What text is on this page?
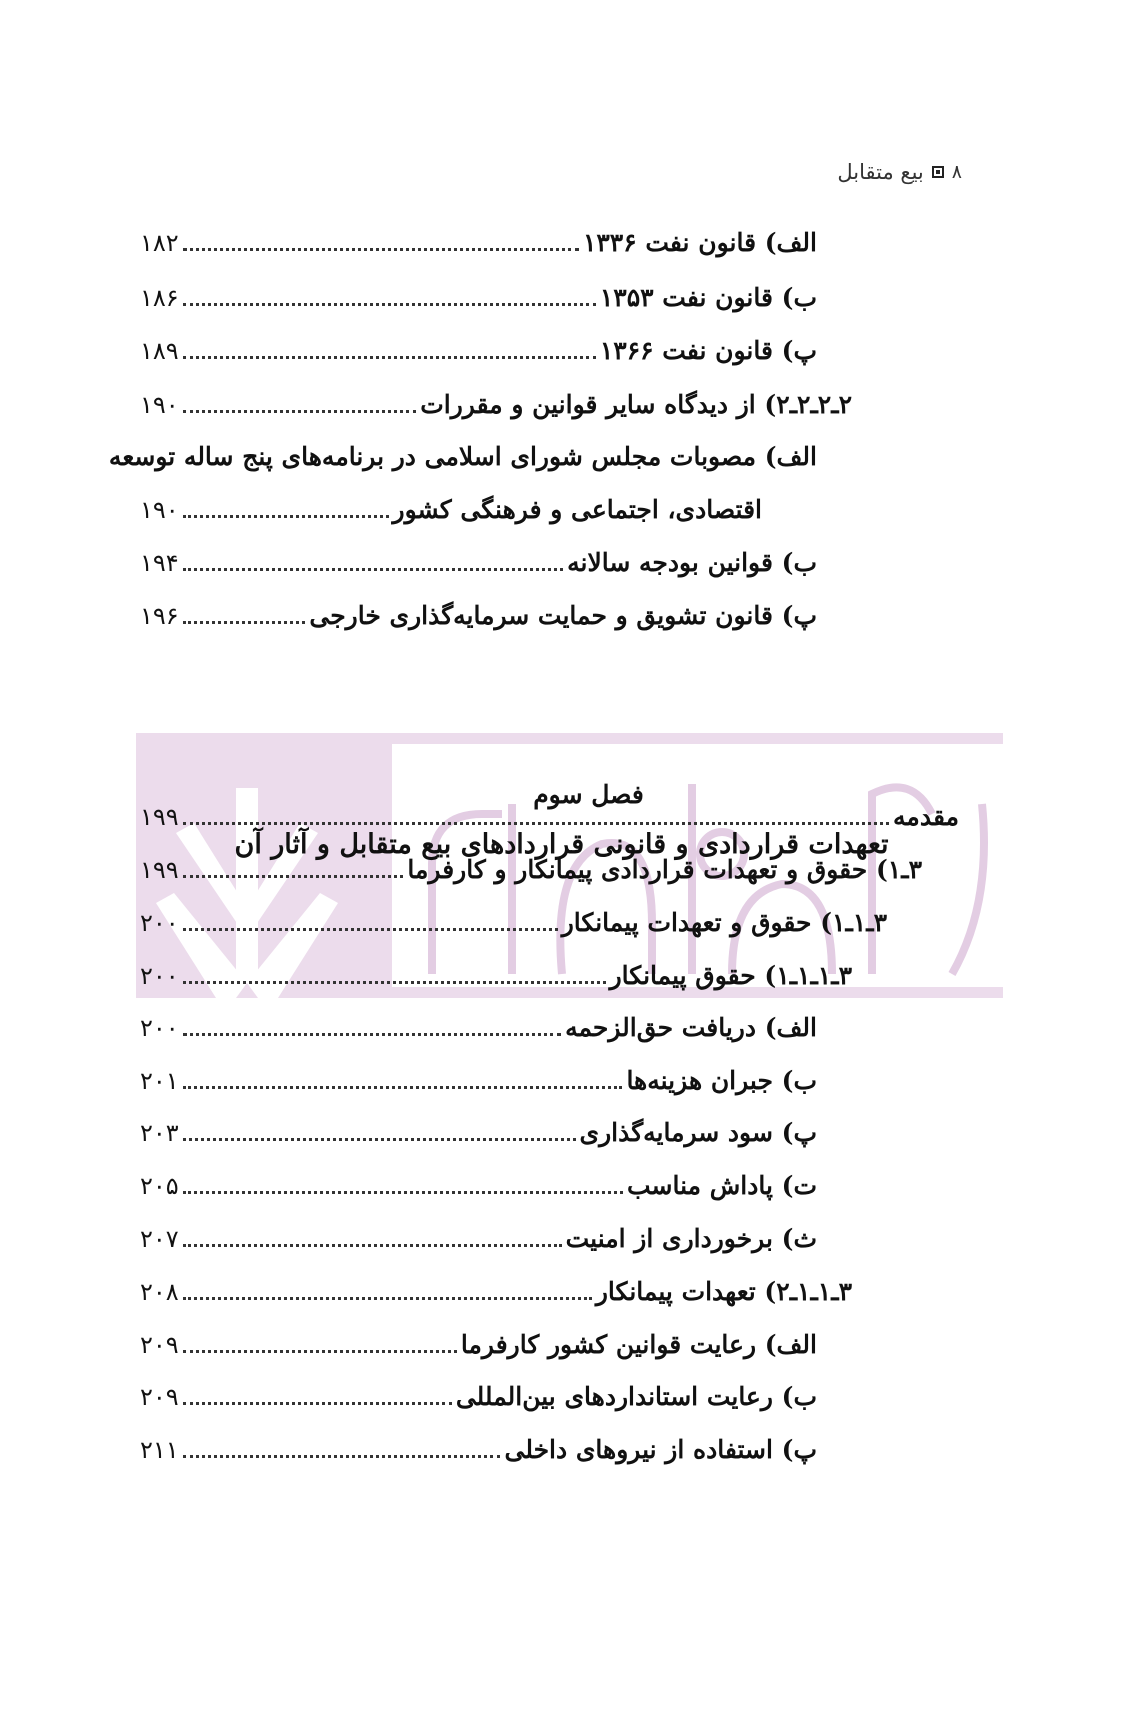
۸
بیع متقابل
الف) قانون نفت ۱۳۳۶
۱۸۲
ب) قانون نفت ۱۳۵۳
۱۸۶
پ) قانون نفت ۱۳۶۶
۱۸۹
۲ـ۲ـ۲ـ۲) از دیدگاه سایر قوانین و مقررات
۱۹۰
الف) مصوبات مجلس شورای اسلامی در برنامه‌های پنج ساله توسعه
اقتصادی، اجتماعی و فرهنگی کشور
۱۹۰
ب) قوانین بودجه سالانه
۱۹۴
پ) قانون تشویق و حمایت سرمایه‌گذاری خارجی
۱۹۶
فصل سوم
تعهدات قراردادی و قانونی قراردادهای بیع متقابل و آثار آن
مقدمه
۱۹۹
۳ـ۱) حقوق و تعهدات قراردادی پیمانکار و کارفرما
۱۹۹
۳ـ۱ـ۱) حقوق و تعهدات پیمانکار
۲۰۰
۳ـ۱ـ۱ـ۱) حقوق پیمانکار
۲۰۰
الف) دریافت حق‌الزحمه
۲۰۰
ب) جبران هزینه‌ها
۲۰۱
پ) سود سرمایه‌گذاری
۲۰۳
ت) پاداش مناسب
۲۰۵
ث) برخورداری از امنیت
۲۰۷
۳ـ۱ـ۱ـ۲) تعهدات پیمانکار
۲۰۸
الف) رعایت قوانین کشور کارفرما
۲۰۹
ب) رعایت استانداردهای بین‌المللی
۲۰۹
پ) استفاده از نیروهای داخلی
۲۱۱
